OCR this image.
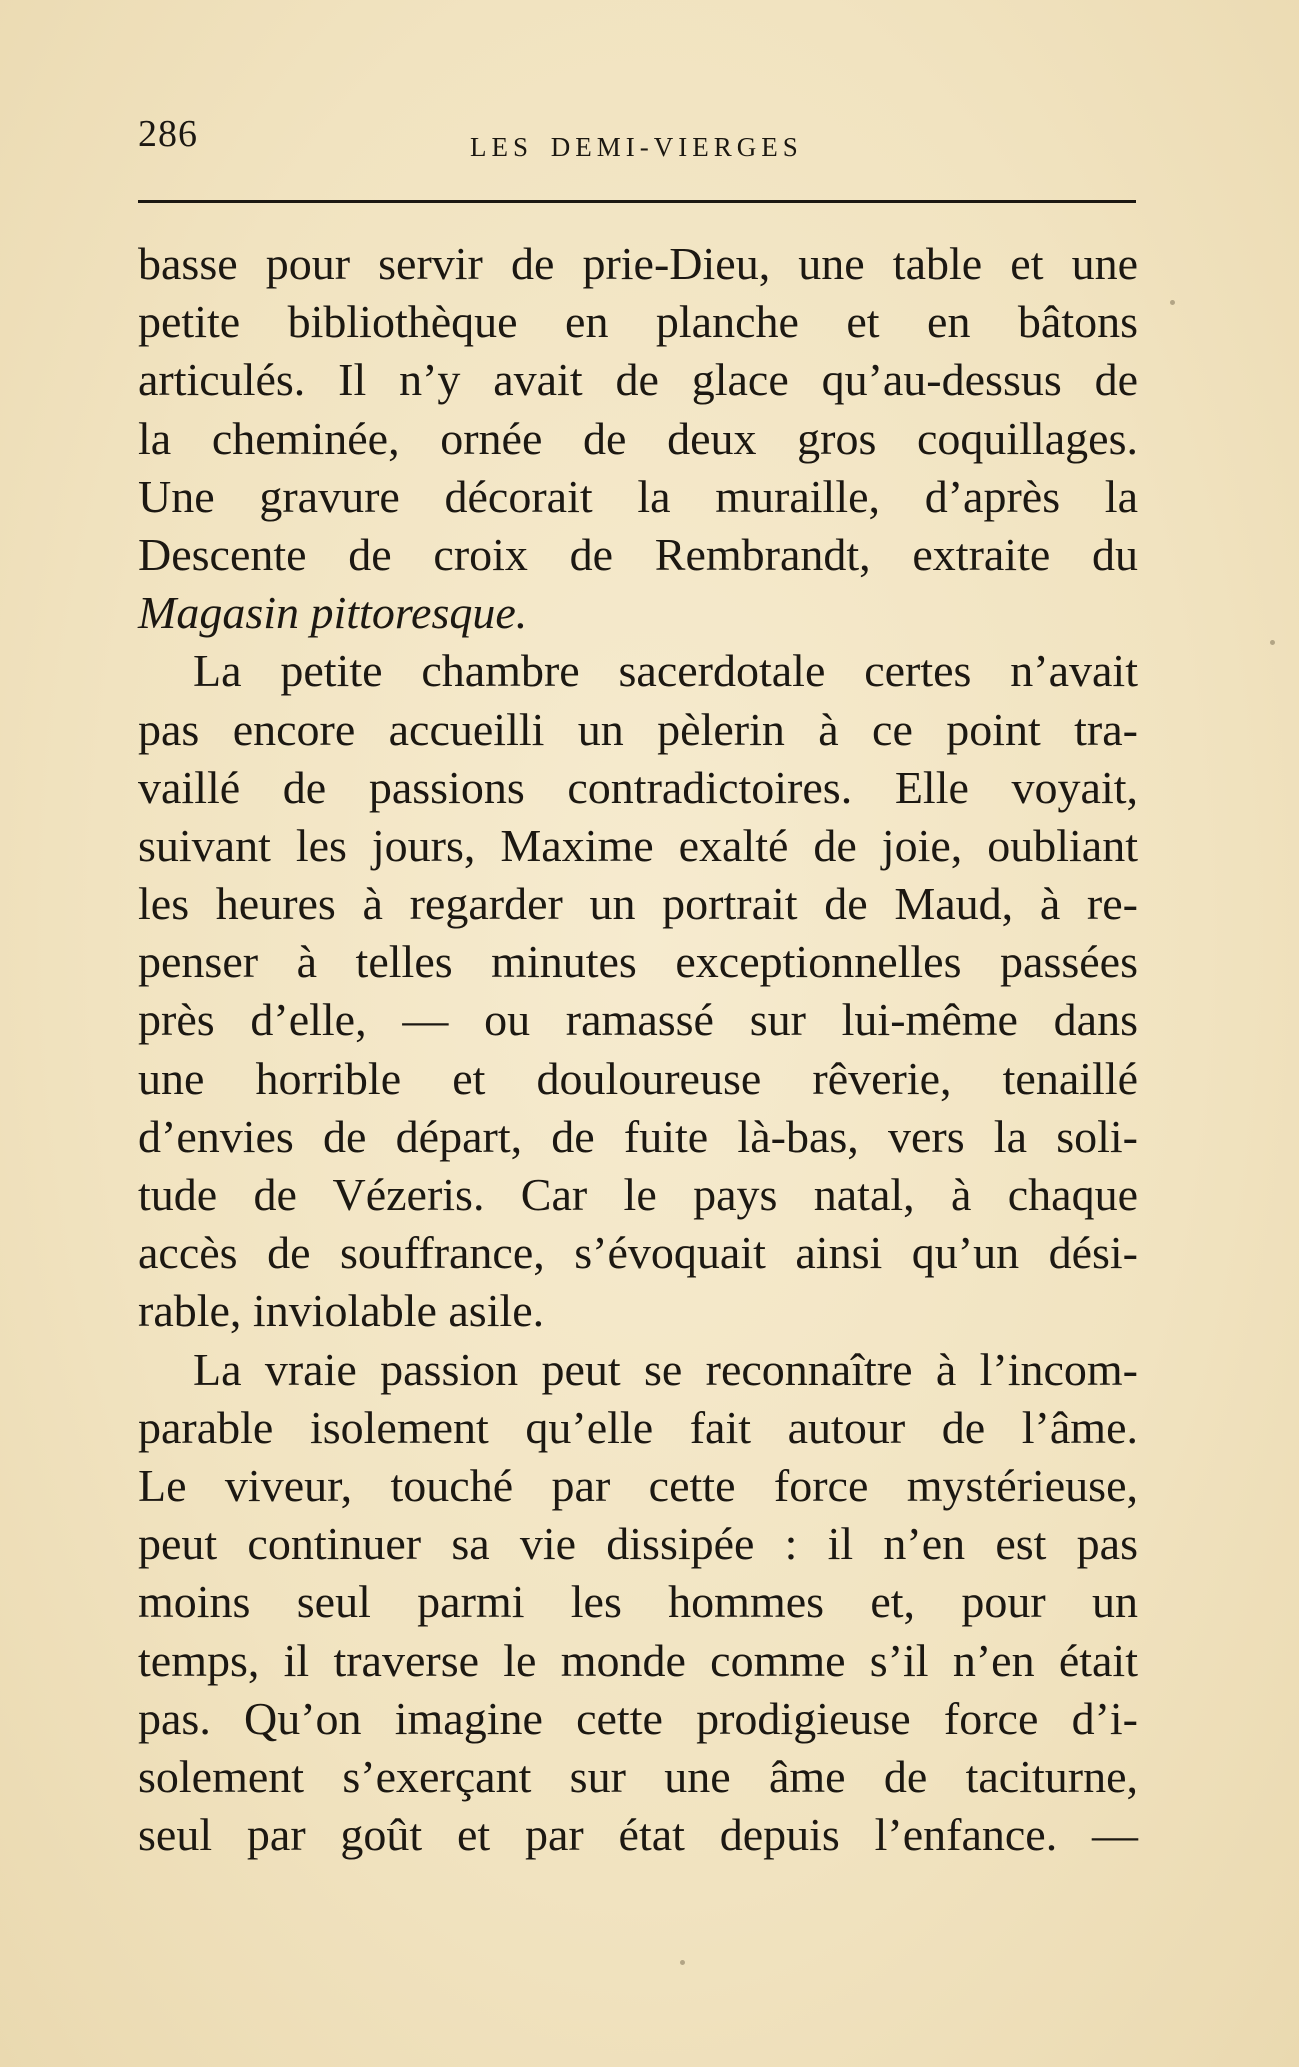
286	LES DEMI-VIERGES
basse pour servir de prie-Dieu, une table et une
petite bibliothèque en planche et en bâtons
articulés. Il n’y avait de glace qu’au-dessus de
la cheminée, ornée de deux gros coquillages.
Une gravure décorait la muraille, d’après la
Descente de croix de Rembrandt, extraite du
Magasin pittoresque.
La petite chambre sacerdotale certes n’avait
pas encore accueilli un pèlerin à ce point tra-
vaillé de passions contradictoires. Elle voyait,
suivant les jours, Maxime exalté de joie, oubliant
les heures à regarder un portrait de Maud, à re-
penser à telles minutes exceptionnelles passées
près d’elle, — ou ramassé sur lui-même dans
une horrible et douloureuse rêverie, tenaillé
d’envies de départ, de fuite là-bas, vers la soli-
tude de Vézeris. Car le pays natal, à chaque
accès de souffrance, s’évoquait ainsi qu’un dési-
rable, inviolable asile.
La vraie passion peut se reconnaître à l’incom-
parable isolement qu’elle fait autour de l’âme.
Le viveur, touché par cette force mystérieuse,
peut continuer sa vie dissipée : il n’en est pas
moins seul parmi les hommes et, pour un
temps, il traverse le monde comme s’il n’en était
pas. Qu’on imagine cette prodigieuse force d’i-
solement s’exerçant sur une âme de taciturne,
seul par goût et par état depuis l’enfance. —
